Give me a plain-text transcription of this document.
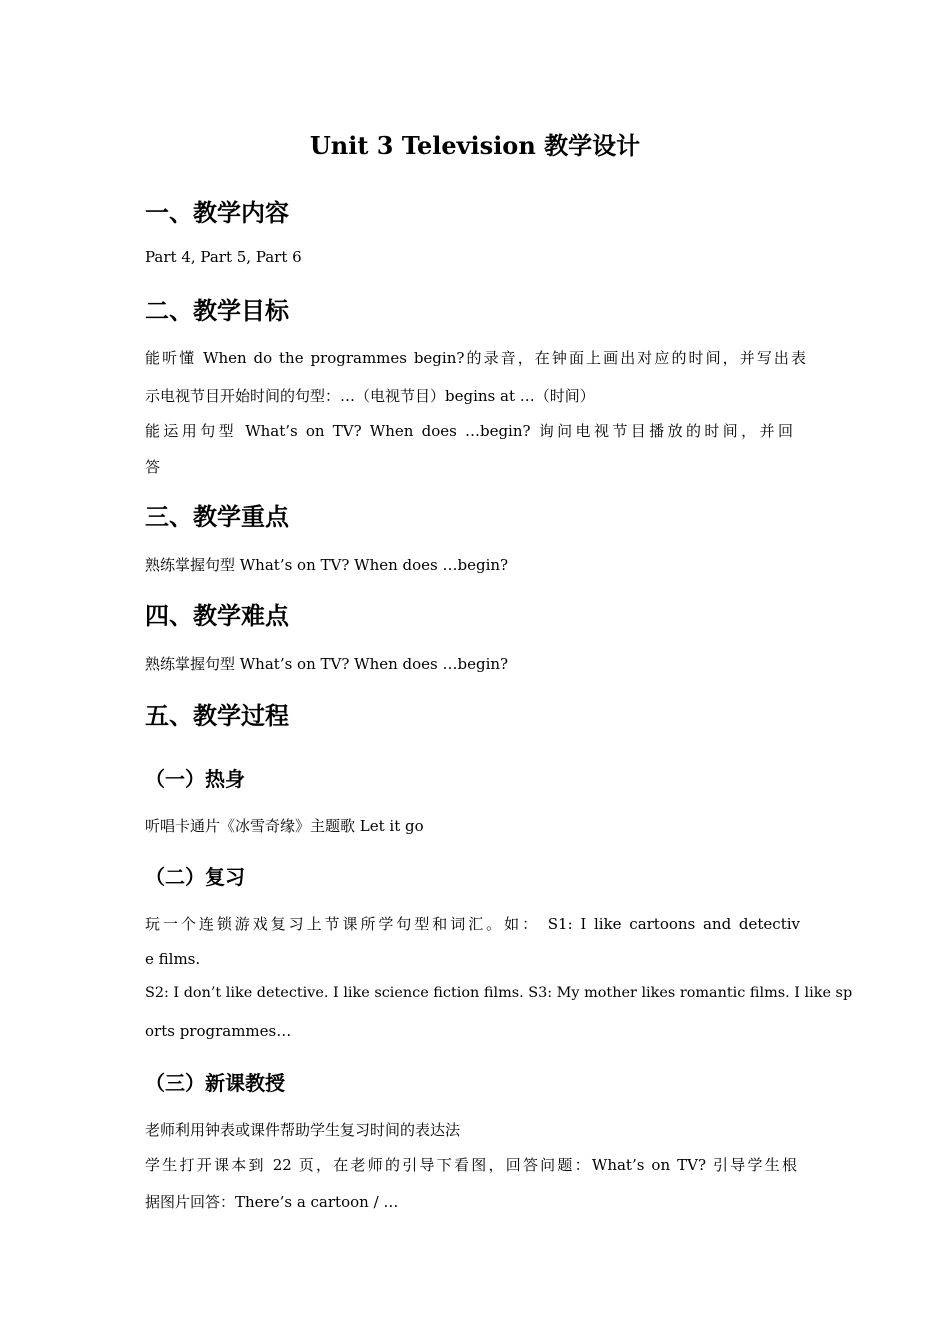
Unit 3 Television 教学设计
一、教学内容

Part 4, Part 5, Part 6

二、教学目标

能听懂 When do the programmes begin?的录音，在钟面上画出对应的时间，并写出表

示电视节目开始时间的句型：…（电视节目）begins at …（时间）

能运用句型 What’s on TV? When does …begin? 询问电视节目播放的时间，并回

答

三、教学重点

熟练掌握句型 What’s on TV? When does …begin?

四、教学难点

熟练掌握句型 What’s on TV? When does …begin?

五、教学过程
（一）热身

听唱卡通片《冰雪奇缘》主题歌 Let it go

（二）复习

玩一个连锁游戏复习上节课所学句型和词汇。如： S1: I like cartoons and detectiv

e films.

S2: I don’t like detective. I like science fiction films. S3: My mother likes romantic films. I like sp

orts programmes…

（三）新课教授

老师利用钟表或课件帮助学生复习时间的表达法

学生打开课本到 22 页，在老师的引导下看图，回答问题：What’s on TV? 引导学生根

据图片回答：There’s a cartoon / …
